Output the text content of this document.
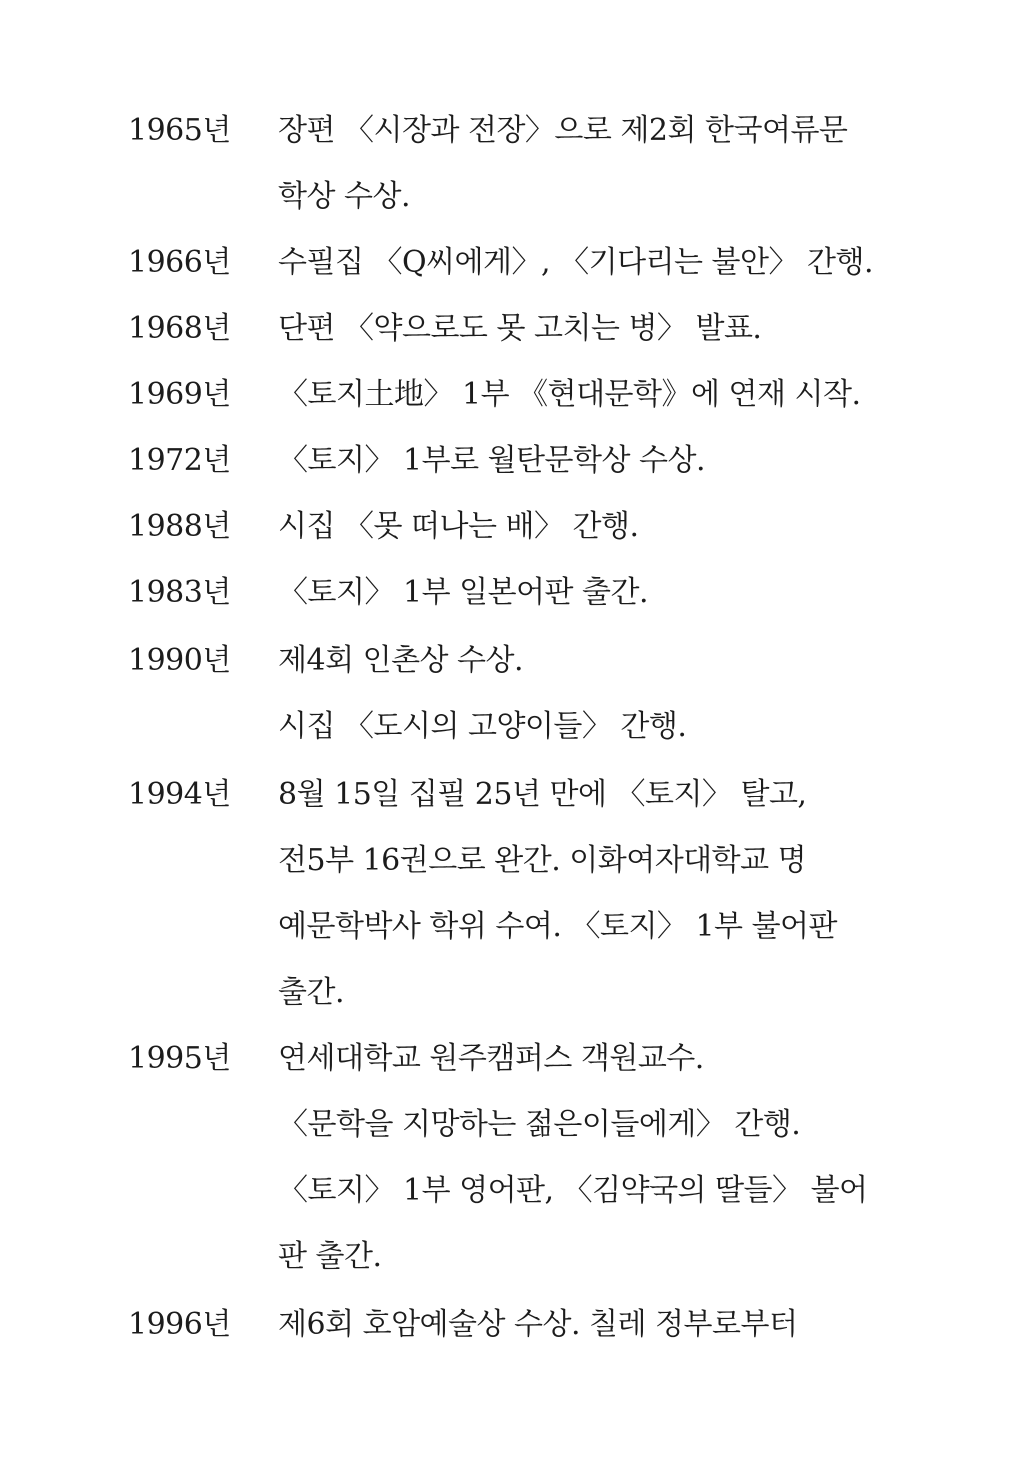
1965년	장편 〈시장과 전장〉으로 제2회 한국여류문
학상 수상.
1966년	수필집 〈Q씨에게〉, 〈기다리는 불안〉 간행.
1968년	단편 〈약으로도 못 고치는 병〉 발표.
1969년	〈토지土地〉 1부 《현대문학》에 연재 시작.
1972년	〈토지〉 1부로 월탄문학상 수상.
1988년	시집 〈못 떠나는 배〉 간행.
1983년	〈토지〉 1부 일본어판 출간.
1990년	제4회 인촌상 수상.
시집 〈도시의 고양이들〉 간행.
1994년	8월 15일 집필 25년 만에 〈토지〉 탈고,
전5부 16권으로 완간. 이화여자대학교 명
예문학박사 학위 수여. 〈토지〉 1부 불어판
출간.
1995년	연세대학교 원주캠퍼스 객원교수.
〈문학을 지망하는 젊은이들에게〉 간행.
〈토지〉 1부 영어판, 〈김약국의 딸들〉 불어
판 출간.
1996년	제6회 호암예술상 수상. 칠레 정부로부터
